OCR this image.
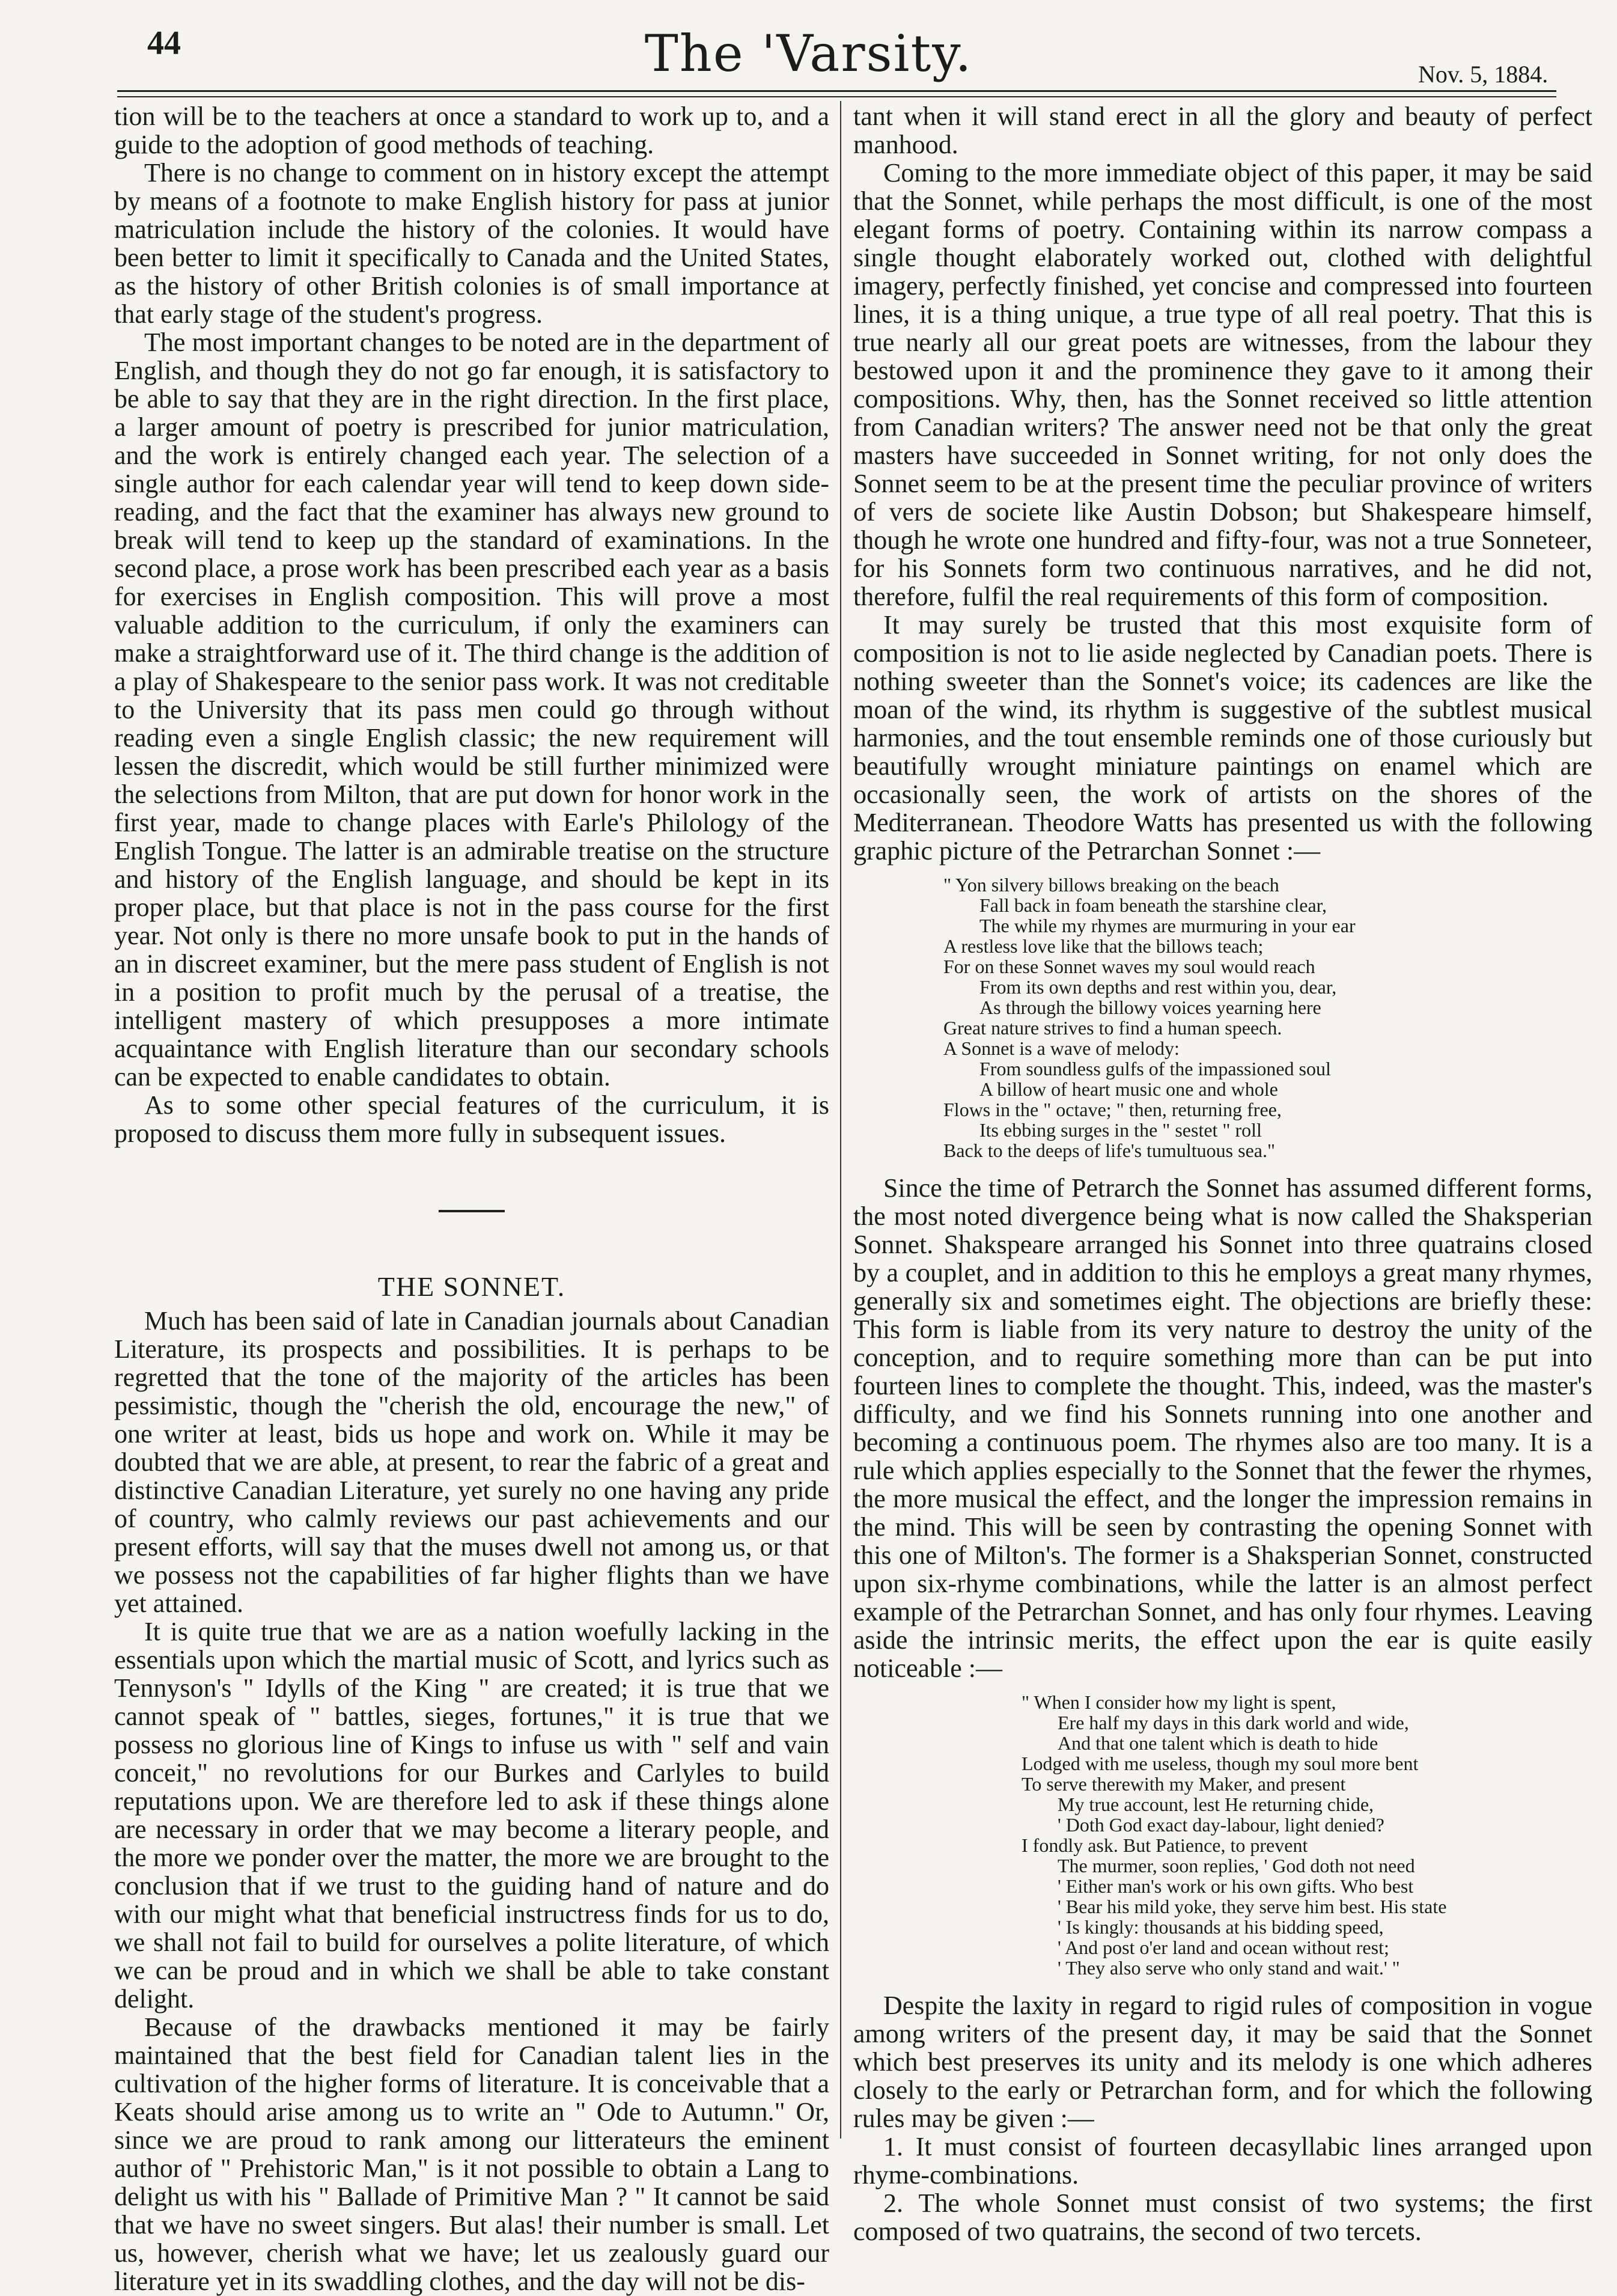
44	The 'Varsity.	Nov. 5, 1884.

tion will be to the teachers at once a standard to work up to, and a guide to the adoption of good methods of teaching.

There is no change to comment on in history except the attempt by means of a footnote to make English history for pass at junior matriculation include the history of the colonies. It would have been better to limit it specifically to Canada and the United States, as the history of other British colonies is of small importance at that early stage of the student's progress.

The most important changes to be noted are in the department of English, and though they do not go far enough, it is satisfactory to be able to say that they are in the right direction. In the first place, a larger amount of poetry is prescribed for junior matriculation, and the work is entirely changed each year. The selection of a single author for each calendar year will tend to keep down side-reading, and the fact that the examiner has always new ground to break will tend to keep up the standard of examinations. In the second place, a prose work has been prescribed each year as a basis for exercises in English composition. This will prove a most valuable addition to the curriculum, if only the examiners can make a straightforward use of it. The third change is the addition of a play of Shakespeare to the senior pass work. It was not creditable to the University that its pass men could go through without reading even a single English classic; the new requirement will lessen the discredit, which would be still further minimized were the selections from Milton, that are put down for honor work in the first year, made to change places with Earle's Philology of the English Tongue. The latter is an admirable treatise on the structure and history of the English language, and should be kept in its proper place, but that place is not in the pass course for the first year. Not only is there no more unsafe book to put in the hands of an in discreet examiner, but the mere pass student of English is not in a position to profit much by the perusal of a treatise, the intelligent mastery of which presupposes a more intimate acquaintance with English literature than our secondary schools can be expected to enable candidates to obtain.

As to some other special features of the curriculum, it is proposed to discuss them more fully in subsequent issues.

THE SONNET.

Much has been said of late in Canadian journals about Canadian Literature, its prospects and possibilities. It is perhaps to be regretted that the tone of the majority of the articles has been pessimistic, though the "cherish the old, encourage the new," of one writer at least, bids us hope and work on. While it may be doubted that we are able, at present, to rear the fabric of a great and distinctive Canadian Literature, yet surely no one having any pride of country, who calmly reviews our past achievements and our present efforts, will say that the muses dwell not among us, or that we possess not the capabilities of far higher flights than we have yet attained.

It is quite true that we are as a nation woefully lacking in the essentials upon which the martial music of Scott, and lyrics such as Tennyson's " Idylls of the King " are created; it is true that we cannot speak of " battles, sieges, fortunes," it is true that we possess no glorious line of Kings to infuse us with " self and vain conceit," no revolutions for our Burkes and Carlyles to build reputations upon. We are therefore led to ask if these things alone are necessary in order that we may become a literary people, and the more we ponder over the matter, the more we are brought to the conclusion that if we trust to the guiding hand of nature and do with our might what that beneficial instructress finds for us to do, we shall not fail to build for ourselves a polite literature, of which we can be proud and in which we shall be able to take constant delight.

Because of the drawbacks mentioned it may be fairly maintained that the best field for Canadian talent lies in the cultivation of the higher forms of literature. It is conceivable that a Keats should arise among us to write an " Ode to Autumn." Or, since we are proud to rank among our litterateurs the eminent author of " Prehistoric Man," is it not possible to obtain a Lang to delight us with his " Ballade of Primitive Man ? " It cannot be said that we have no sweet singers. But alas! their number is small. Let us, however, cherish what we have; let us zealously guard our literature yet in its swaddling clothes, and the day will not be dis-

tant when it will stand erect in all the glory and beauty of perfect manhood.

Coming to the more immediate object of this paper, it may be said that the Sonnet, while perhaps the most difficult, is one of the most elegant forms of poetry. Containing within its narrow compass a single thought elaborately worked out, clothed with delightful imagery, perfectly finished, yet concise and compressed into fourteen lines, it is a thing unique, a true type of all real poetry. That this is true nearly all our great poets are witnesses, from the labour they bestowed upon it and the prominence they gave to it among their compositions. Why, then, has the Sonnet received so little attention from Canadian writers? The answer need not be that only the great masters have succeeded in Sonnet writing, for not only does the Sonnet seem to be at the present time the peculiar province of writers of vers de societe like Austin Dobson; but Shakespeare himself, though he wrote one hundred and fifty-four, was not a true Sonneteer, for his Sonnets form two continuous narratives, and he did not, therefore, fulfil the real requirements of this form of composition.

It may surely be trusted that this most exquisite form of composition is not to lie aside neglected by Canadian poets. There is nothing sweeter than the Sonnet's voice; its cadences are like the moan of the wind, its rhythm is suggestive of the subtlest musical harmonies, and the tout ensemble reminds one of those curiously but beautifully wrought miniature paintings on enamel which are occasionally seen, the work of artists on the shores of the Mediterranean. Theodore Watts has presented us with the following graphic picture of the Petrarchan Sonnet :—

" Yon silvery billows breaking on the beach
Fall back in foam beneath the starshine clear,
The while my rhymes are murmuring in your ear
A restless love like that the billows teach;
For on these Sonnet waves my soul would reach
From its own depths and rest within you, dear,
As through the billowy voices yearning here
Great nature strives to find a human speech.
A Sonnet is a wave of melody:
From soundless gulfs of the impassioned soul
A billow of heart music one and whole
Flows in the " octave; " then, returning free,
Its ebbing surges in the " sestet " roll
Back to the deeps of life's tumultuous sea."

Since the time of Petrarch the Sonnet has assumed different forms, the most noted divergence being what is now called the Shaksperian Sonnet. Shakspeare arranged his Sonnet into three quatrains closed by a couplet, and in addition to this he employs a great many rhymes, generally six and sometimes eight. The objections are briefly these: This form is liable from its very nature to destroy the unity of the conception, and to require something more than can be put into fourteen lines to complete the thought. This, indeed, was the master's difficulty, and we find his Sonnets running into one another and becoming a continuous poem. The rhymes also are too many. It is a rule which applies especially to the Sonnet that the fewer the rhymes, the more musical the effect, and the longer the impression remains in the mind. This will be seen by contrasting the opening Sonnet with this one of Milton's. The former is a Shaksperian Sonnet, constructed upon six-rhyme combinations, while the latter is an almost perfect example of the Petrarchan Sonnet, and has only four rhymes. Leaving aside the intrinsic merits, the effect upon the ear is quite easily noticeable :—

" When I consider how my light is spent,
Ere half my days in this dark world and wide,
And that one talent which is death to hide
Lodged with me useless, though my soul more bent
To serve therewith my Maker, and present
My true account, lest He returning chide,
' Doth God exact day-labour, light denied?
I fondly ask. But Patience, to prevent
The murmer, soon replies, ' God doth not need
' Either man's work or his own gifts. Who best
' Bear his mild yoke, they serve him best. His state
' Is kingly: thousands at his bidding speed,
' And post o'er land and ocean without rest;
' They also serve who only stand and wait.' "

Despite the laxity in regard to rigid rules of composition in vogue among writers of the present day, it may be said that the Sonnet which best preserves its unity and its melody is one which adheres closely to the early or Petrarchan form, and for which the following rules may be given :—

1. It must consist of fourteen decasyllabic lines arranged upon rhyme-combinations.

2. The whole Sonnet must consist of two systems; the first composed of two quatrains, the second of two tercets.
